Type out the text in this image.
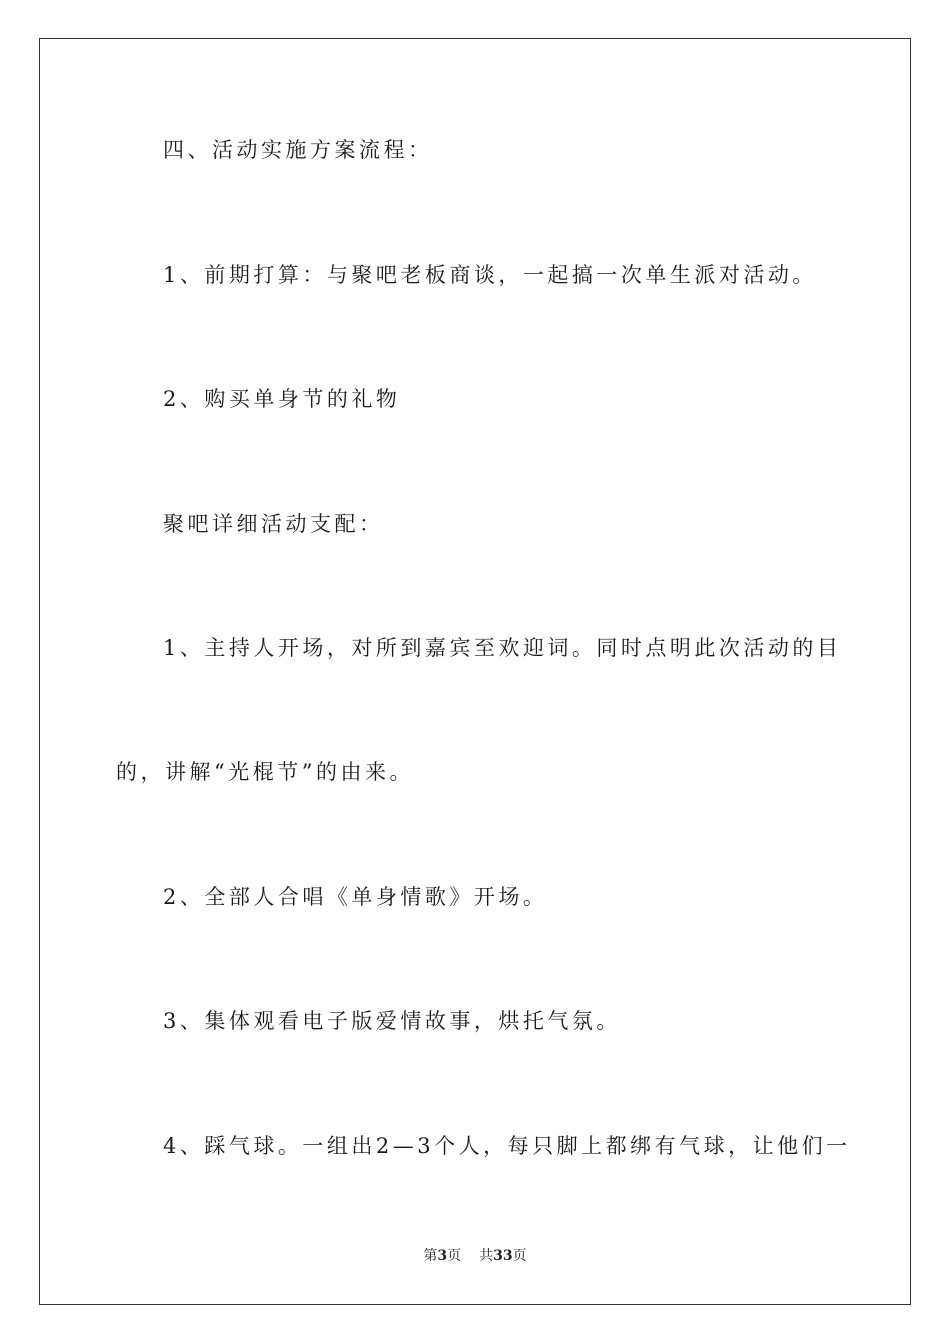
四、活动实施方案流程：
1、前期打算：与聚吧老板商谈，一起搞一次单生派对活动。
2、购买单身节的礼物
聚吧详细活动支配：
1、主持人开场，对所到嘉宾至欢迎词。同时点明此次活动的目
的，讲解“光棍节”的由来。
2、全部人合唱《单身情歌》开场。
3、集体观看电子版爱情故事，烘托气氛。
4、踩气球。一组出2—3个人，每只脚上都绑有气球，让他们一
第3页 共33页
